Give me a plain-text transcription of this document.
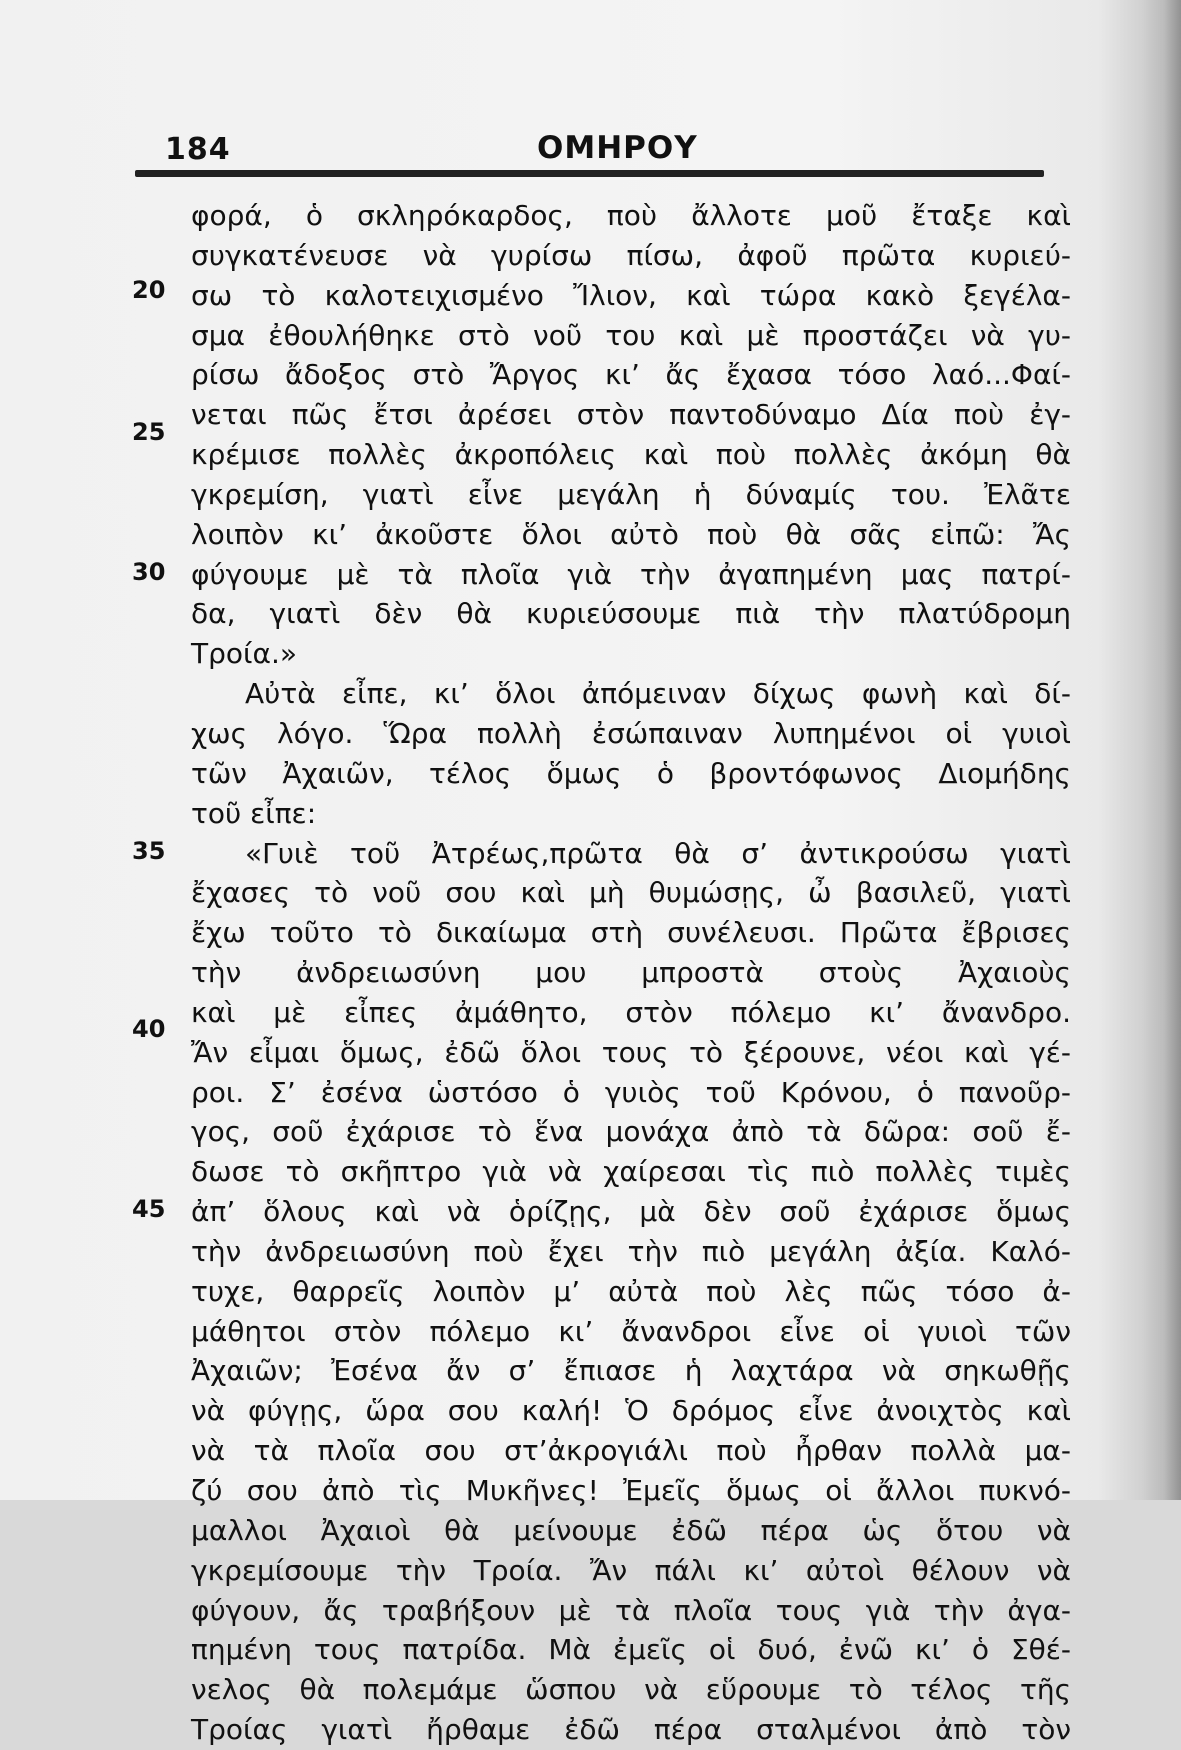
184	ΟΜΗΡΟΥ
20
25
30
35
40
45
φορά, ὁ σκληρόκαρδος, ποὺ ἄλλοτε μοῦ ἔταξε καὶ
συγκατένευσε νὰ γυρίσω πίσω, ἀφοῦ πρῶτα κυριεύ-
σω τὸ καλοτειχισμένο Ἴλιον, καὶ τώρα κακὸ ξεγέλα-
σμα ἐθουλήθηκε στὸ νοῦ του καὶ μὲ προστάζει νὰ γυ-
ρίσω ἄδοξος στὸ Ἄργος κι’ ἄς ἔχασα τόσο λαό...Φαί-
νεται πῶς ἔτσι ἀρέσει στὸν παντοδύναμο Δία ποὺ ἐγ-
κρέμισε πολλὲς ἀκροπόλεις καὶ ποὺ πολλὲς ἀκόμη θὰ
γκρεμίση, γιατὶ εἶνε μεγάλη ἡ δύναμίς του. Ἐλᾶτε
λοιπὸν κι’ ἀκοῦστε ὅλοι αὐτὸ ποὺ θὰ σᾶς εἰπῶ: Ἄς
φύγουμε μὲ τὰ πλοῖα γιὰ τὴν ἀγαπημένη μας πατρί-
δα, γιατὶ δὲν θὰ κυριεύσουμε πιὰ τὴν πλατύδρομη
Τροία.»
Αὐτὰ εἶπε, κι’ ὅλοι ἀπόμειναν δίχως φωνὴ καὶ δί-
χως λόγο. Ὥρα πολλὴ ἐσώπαιναν λυπημένοι οἱ γυιοὶ
τῶν Ἀχαιῶν, τέλος ὅμως ὁ βροντόφωνος Διομήδης
τοῦ εἶπε:
«Γυιὲ τοῦ Ἀτρέως,πρῶτα θὰ σ’ ἀντικρούσω γιατὶ
ἔχασες τὸ νοῦ σου καὶ μὴ θυμώσῃς, ὦ βασιλεῦ, γιατὶ
ἔχω τοῦτο τὸ δικαίωμα στὴ συνέλευσι. Πρῶτα ἔβρισες
τὴν ἀνδρειωσύνη μου μπροστὰ στοὺς Ἀχαιοὺς
καὶ μὲ εἶπες ἀμάθητο, στὸν πόλεμο κι’ ἄνανδρο.
Ἄν εἶμαι ὅμως, ἐδῶ ὅλοι τους τὸ ξέρουνε, νέοι καὶ γέ-
ροι. Σ’ ἐσένα ὡστόσο ὁ γυιὸς τοῦ Κρόνου, ὁ πανοῦρ-
γος, σοῦ ἐχάρισε τὸ ἕνα μονάχα ἀπὸ τὰ δῶρα: σοῦ ἔ-
δωσε τὸ σκῆπτρο γιὰ νὰ χαίρεσαι τὶς πιὸ πολλὲς τιμὲς
ἀπ’ ὅλους καὶ νὰ ὁρίζῃς, μὰ δὲν σοῦ ἐχάρισε ὅμως
τὴν ἀνδρειωσύνη ποὺ ἔχει τὴν πιὸ μεγάλη ἀξία. Καλό-
τυχε, θαρρεῖς λοιπὸν μ’ αὐτὰ ποὺ λὲς πῶς τόσο ἀ-
μάθητοι στὸν πόλεμο κι’ ἄνανδροι εἶνε οἱ γυιοὶ τῶν
Ἀχαιῶν; Ἐσένα ἄν σ’ ἔπιασε ἡ λαχτάρα νὰ σηκωθῇς
νὰ φύγῃς, ὥρα σου καλή! Ὁ δρόμος εἶνε ἀνοιχτὸς καὶ
νὰ τὰ πλοῖα σου στ’ἀκρογιάλι ποὺ ἦρθαν πολλὰ μα-
ζύ σου ἀπὸ τὶς Μυκῆνες! Ἐμεῖς ὅμως οἱ ἄλλοι πυκνό-
μαλλοι Ἀχαιοὶ θὰ μείνουμε ἐδῶ πέρα ὡς ὅτου νὰ
γκρεμίσουμε τὴν Τροία. Ἄν πάλι κι’ αὐτοὶ θέλουν νὰ
φύγουν, ἄς τραβήξουν μὲ τὰ πλοῖα τους γιὰ τὴν ἀγα-
πημένη τους πατρίδα. Μὰ ἐμεῖς οἱ δυό, ἐνῶ κι’ ὁ Σθέ-
νελος θὰ πολεμάμε ὥσπου νὰ εὕρουμε τὸ τέλος τῆς
Τροίας γιατὶ ἤρθαμε ἐδῶ πέρα σταλμένοι ἀπὸ τὸν
